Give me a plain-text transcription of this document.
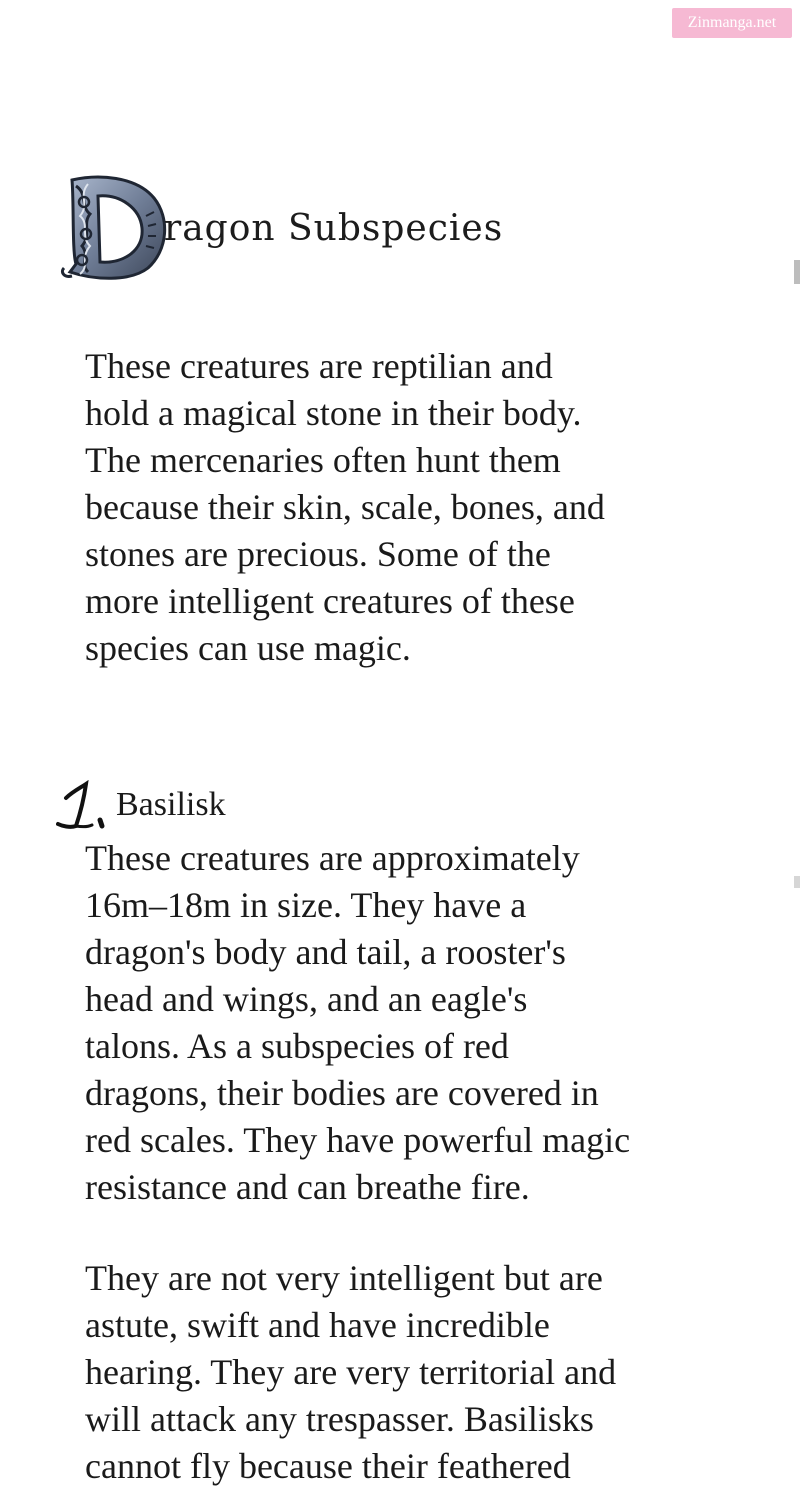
Zinmanga.net
ragon Subspecies

These creatures are reptilian and
hold a magical stone in their body.
The mercenaries often hunt them
because their skin, scale, bones, and
stones are precious. Some of the
more intelligent creatures of these
species can use magic.

Basilisk

These creatures are approximately
16m–18m in size. They have a
dragon's body and tail, a rooster's
head and wings, and an eagle's
talons. As a subspecies of red
dragons, their bodies are covered in
red scales. They have powerful magic
resistance and can breathe fire.

They are not very intelligent but are
astute, swift and have incredible
hearing. They are very territorial and
will attack any trespasser. Basilisks
cannot fly because their feathered
